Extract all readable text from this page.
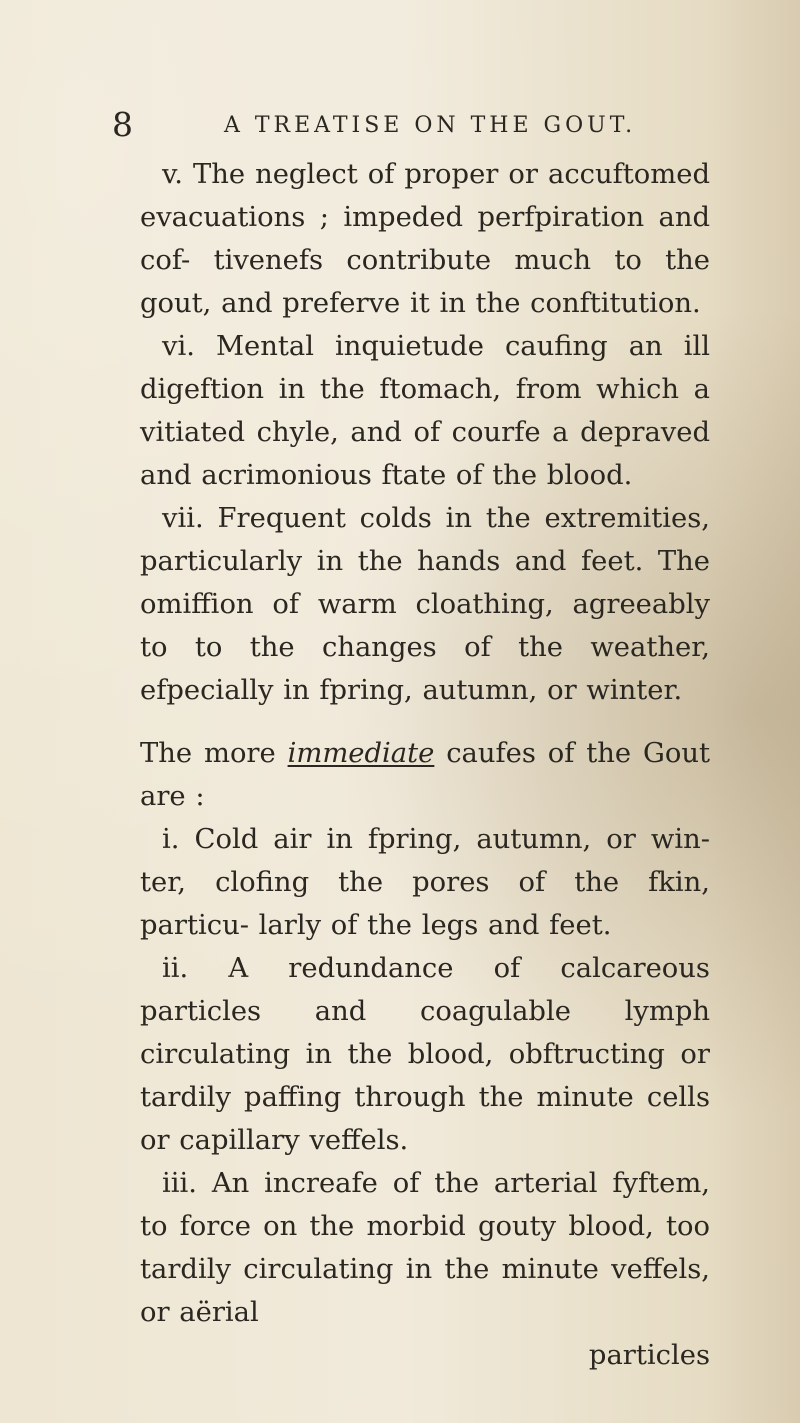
8	A TREATISE ON THE GOUT.

v. The neglect of proper or accuftomed evacuations ; impeded perfpiration and cof- tivenefs contribute much to the gout, and preferve it in the conftitution.

vi. Mental inquietude caufing an ill digeftion in the ftomach, from which a vitiated chyle, and of courfe a depraved and acrimonious ftate of the blood.

vii. Frequent colds in the extremities, particularly in the hands and feet. The omiffion of warm cloathing, agreeably to to the changes of the weather, efpecially in fpring, autumn, or winter.

The more immediate caufes of the Gout are :

i. Cold air in fpring, autumn, or win- ter, clofing the pores of the fkin, particu- larly of the legs and feet.

ii. A redundance of calcareous particles and coagulable lymph circulating in the blood, obftructing or tardily paffing through the minute cells or capillary veffels.

iii. An increafe of the arterial fyftem, to force on the morbid gouty blood, too tardily circulating in the minute veffels, or aërial

particles
